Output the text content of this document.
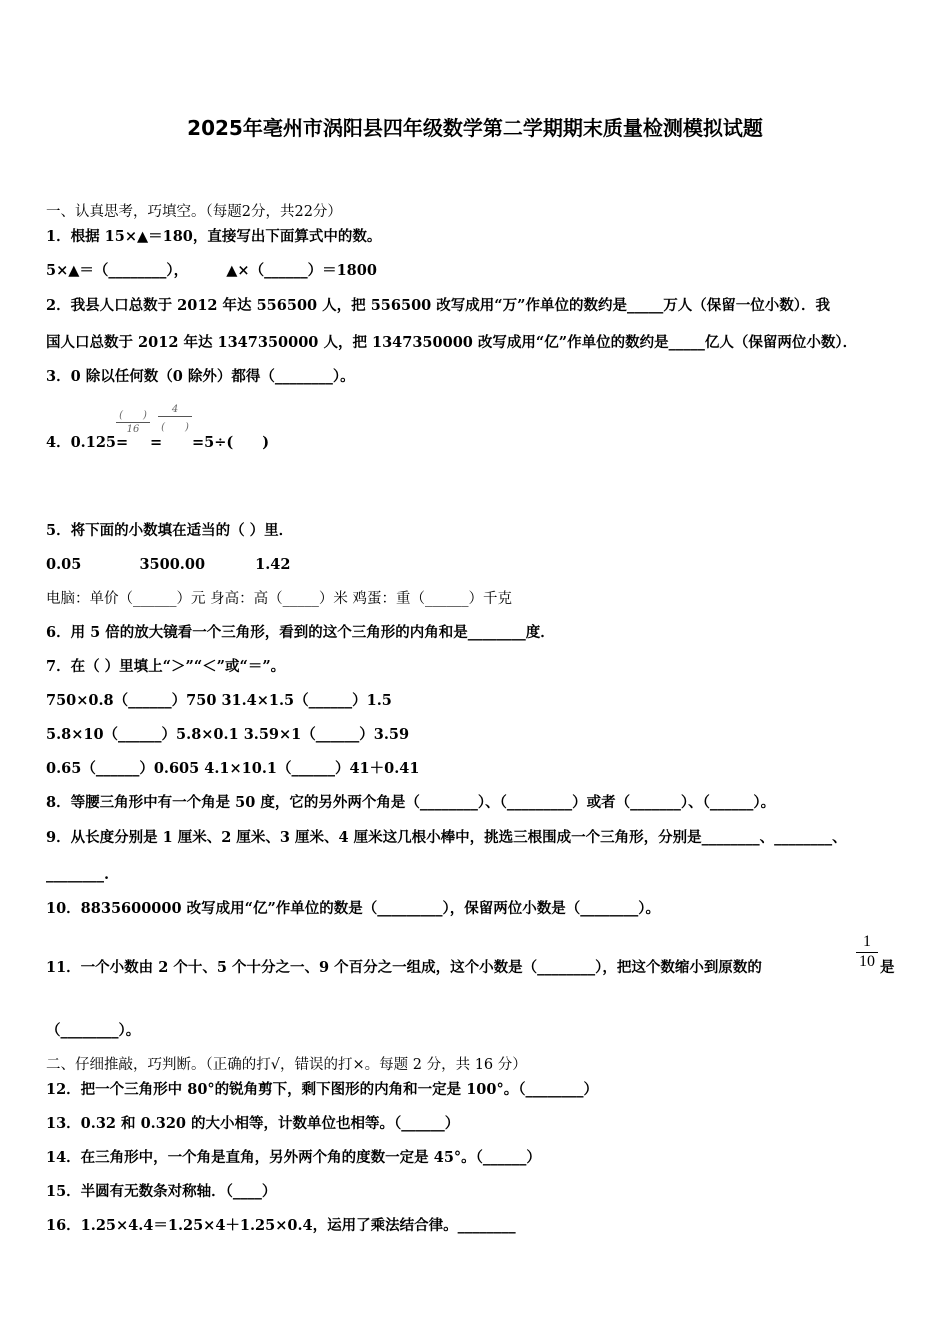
2025年亳州市涡阳县四年级数学第二学期期末质量检测模拟试题
一、认真思考，巧填空。（每题2分，共22分）
1．根据 15×▲＝180，直接写出下面算式中的数。
5×▲＝（________），	▲×（______）＝1800
2．我县人口总数于 2012 年达 556500 人，把 556500 改写成用“万”作单位的数约是_____万人（保留一位小数）．我
国人口总数于 2012 年达 1347350000 人，把 1347350000 改写成用“亿”作单位的数约是_____亿人（保留两位小数）．
3．0 除以任何数（0 除外）都得（________）。
4．0.125=
(　　)
16
=
4
(　　)
=5÷(　　)
5．将下面的小数填在适当的（ ）里．
0.05	3500.00	1.42
电脑：单价（______）元 身高：高（_____）米 鸡蛋：重（______）千克
6．用 5 倍的放大镜看一个三角形，看到的这个三角形的内角和是________度．
7．在（ ）里填上“＞”“＜”或“＝”。
750×0.8（______）750 31.4×1.5（______）1.5
5.8×10（______）5.8×0.1 3.59×1（______）3.59
0.65（______）0.605 4.1×10.1（______）41＋0.41
8．等腰三角形中有一个角是 50 度，它的另外两个角是（________）、（_________）或者（_______）、（______）。
9．从长度分别是 1 厘米、2 厘米、3 厘米、4 厘米这几根小棒中，挑选三根围成一个三角形，分别是________、________、
________.
10．8835600000 改写成用“亿”作单位的数是（_________），保留两位小数是（________）。
11．一个小数由 2 个十、5 个十分之一、9 个百分之一组成，这个小数是（________），把这个数缩小到原数的
1
10 是
（________）。
二、仔细推敲，巧判断。（正确的打√，错误的打×。每题 2 分，共 16 分）
12．把一个三角形中 80°的锐角剪下，剩下图形的内角和一定是 100°。（________）
13．0.32 和 0.320 的大小相等，计数单位也相等。（______）
14．在三角形中，一个角是直角，另外两个角的度数一定是 45°。（______）
15．半圆有无数条对称轴．（____）
16．1.25×4.4＝1.25×4＋1.25×0.4，运用了乘法结合律。________
